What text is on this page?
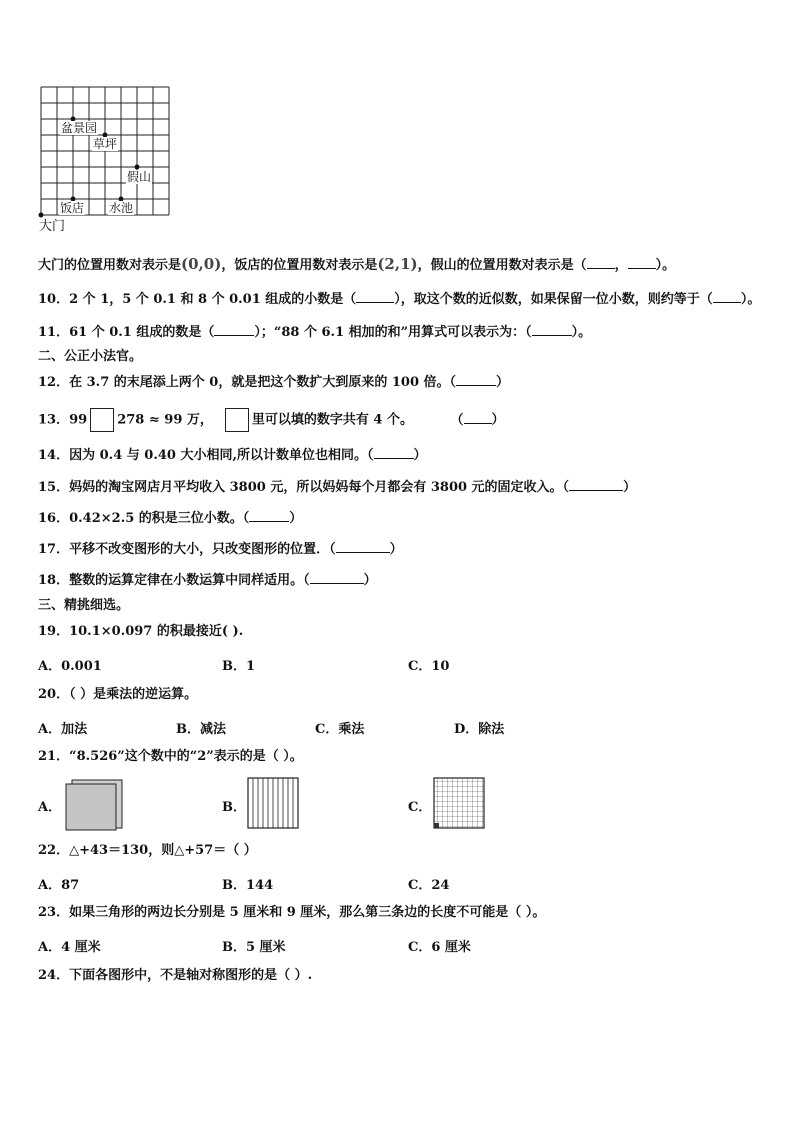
盆景园
草坪
假山
饭店 水池
大门
大门的位置用数对表示是(0,0)，饭店的位置用数对表示是(2,1)，假山的位置用数对表示是（ ， ）。
10．2 个 1，5 个 0.1 和 8 个 0.01 组成的小数是（	），取这个数的近似数，如果保留一位小数，则约等于（ ）。
11．61 个 0.1 组成的数是（	）；“88 个 6.1 相加的和”用算式可以表示为：（	）。
二、公正小法官。
12．在 3.7 的末尾添上两个 0，就是把这个数扩大到原来的 100 倍。（	）
13．99 278 ≈ 99 万，	里可以填的数字共有 4 个。	（ ）
14．因为 0.4 与 0.40 大小相同,所以计数单位也相同。（	）
15．妈妈的淘宝网店月平均收入 3800 元，所以妈妈每个月都会有 3800 元的固定收入。（	）
16．0.42×2.5 的积是三位小数。（	）
17．平移不改变图形的大小，只改变图形的位置．（	）
18．整数的运算定律在小数运算中同样适用。（	）
三、精挑细选。
19．10.1×0.097 的积最接近( ).
A．0.001	B．1	C．10
20．（ ）是乘法的逆运算。
A．加法	B．减法	C．乘法	D．除法
21．“8.526”这个数中的“2”表示的是（ ）。
A．	B．	C．
22．△+43＝130，则△+57＝（ ）
A．87	B．144	C．24
23．如果三角形的两边长分别是 5 厘米和 9 厘米，那么第三条边的长度不可能是（ ）。
A．4 厘米	B．5 厘米	C．6 厘米
24．下面各图形中，不是轴对称图形的是（ ）.
